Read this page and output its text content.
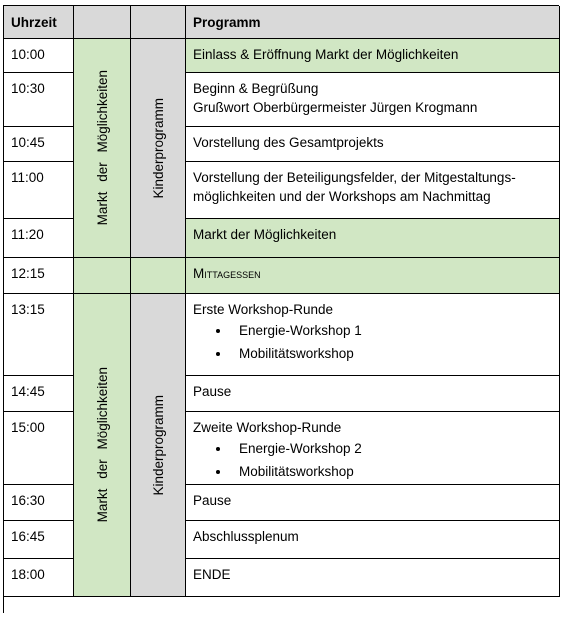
Uhrzeit	Programm
Markt der Möglichkeiten	Kinderprogramm
10:00	Einlass & Eröffnung Markt der Möglichkeiten
10:30	Beginn & Begrüßung
Grußwort Oberbürgermeister Jürgen Krogmann
10:45	Vorstellung des Gesamtprojekts
11:00	Vorstellung der Beteiligungsfelder, der Mitgestaltungs-
möglichkeiten und der Workshops am Nachmittag
11:20	Markt der Möglichkeiten
12:15	Mittagessen
Markt der Möglichkeiten	Kinderprogramm
13:15	Erste Workshop-Runde
• Energie-Workshop 1
• Mobilitätsworkshop
14:45	Pause
15:00	Zweite Workshop-Runde
• Energie-Workshop 2
• Mobilitätsworkshop
16:30	Pause
16:45	Abschlussplenum
18:00	ENDE
